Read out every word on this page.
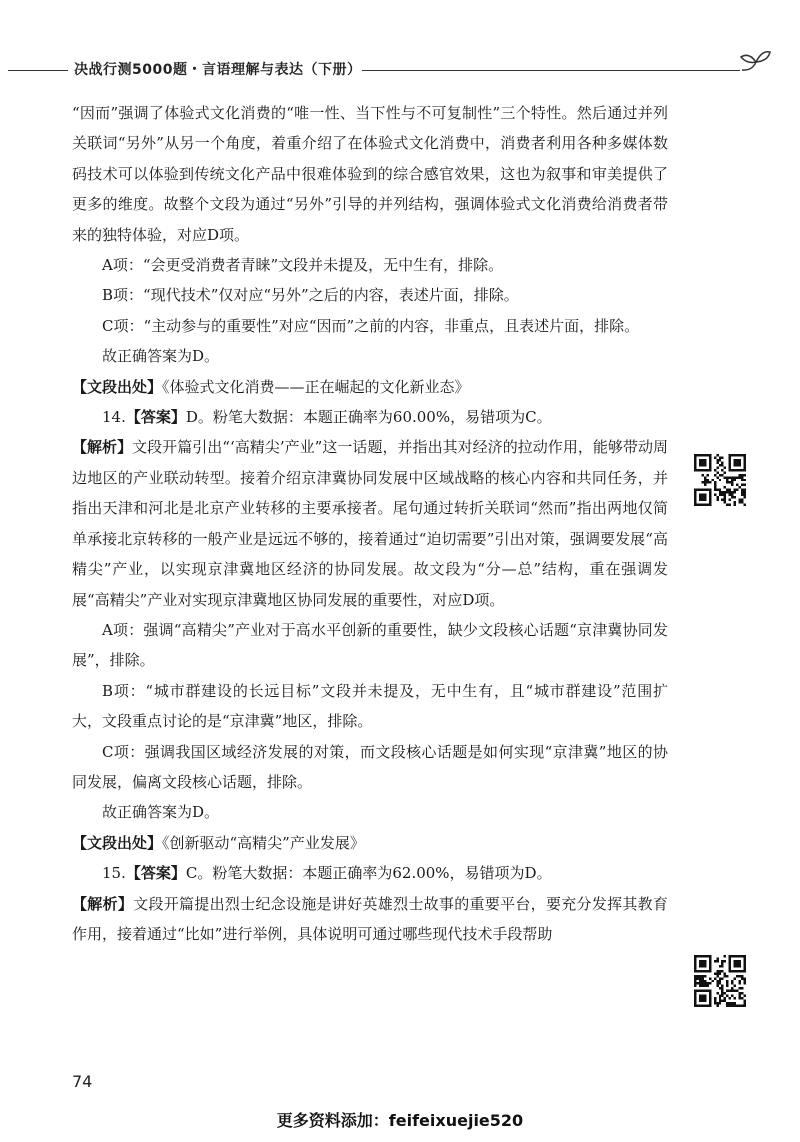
决战行测5000题・言语理解与表达（下册）

“因而”强调了体验式文化消费的“唯一性、当下性与不可复制性”三个特性。然后通过并列关联词“另外”从另一个角度，着重介绍了在体验式文化消费中，消费者利用各种多媒体数码技术可以体验到传统文化产品中很难体验到的综合感官效果，这也为叙事和审美提供了更多的维度。故整个文段为通过“另外”引导的并列结构，强调体验式文化消费给消费者带来的独特体验，对应D项。

A项：“会更受消费者青睐”文段并未提及，无中生有，排除。

B项：“现代技术”仅对应“另外”之后的内容，表述片面，排除。

C项：“主动参与的重要性”对应“因而”之前的内容，非重点，且表述片面，排除。

故正确答案为D。

【文段出处】《体验式文化消费——正在崛起的文化新业态》

14.【答案】D。粉笔大数据：本题正确率为60.00%，易错项为C。

【解析】文段开篇引出“‘高精尖’产业”这一话题，并指出其对经济的拉动作用，能够带动周边地区的产业联动转型。接着介绍京津冀协同发展中区域战略的核心内容和共同任务，并指出天津和河北是北京产业转移的主要承接者。尾句通过转折关联词“然而”指出两地仅简单承接北京转移的一般产业是远远不够的，接着通过“迫切需要”引出对策，强调要发展“高精尖”产业，以实现京津冀地区经济的协同发展。故文段为“分—总”结构，重在强调发展“高精尖”产业对实现京津冀地区协同发展的重要性，对应D项。

A项：强调“高精尖”产业对于高水平创新的重要性，缺少文段核心话题“京津冀协同发展”，排除。

B项：“城市群建设的长远目标”文段并未提及，无中生有，且“城市群建设”范围扩大，文段重点讨论的是“京津冀”地区，排除。

C项：强调我国区域经济发展的对策，而文段核心话题是如何实现“京津冀”地区的协同发展，偏离文段核心话题，排除。

故正确答案为D。

【文段出处】《创新驱动“高精尖”产业发展》

15.【答案】C。粉笔大数据：本题正确率为62.00%，易错项为D。

【解析】文段开篇提出烈士纪念设施是讲好英雄烈士故事的重要平台，要充分发挥其教育作用，接着通过“比如”进行举例，具体说明可通过哪些现代技术手段帮助

74
更多资料添加：feifeixuejie520
